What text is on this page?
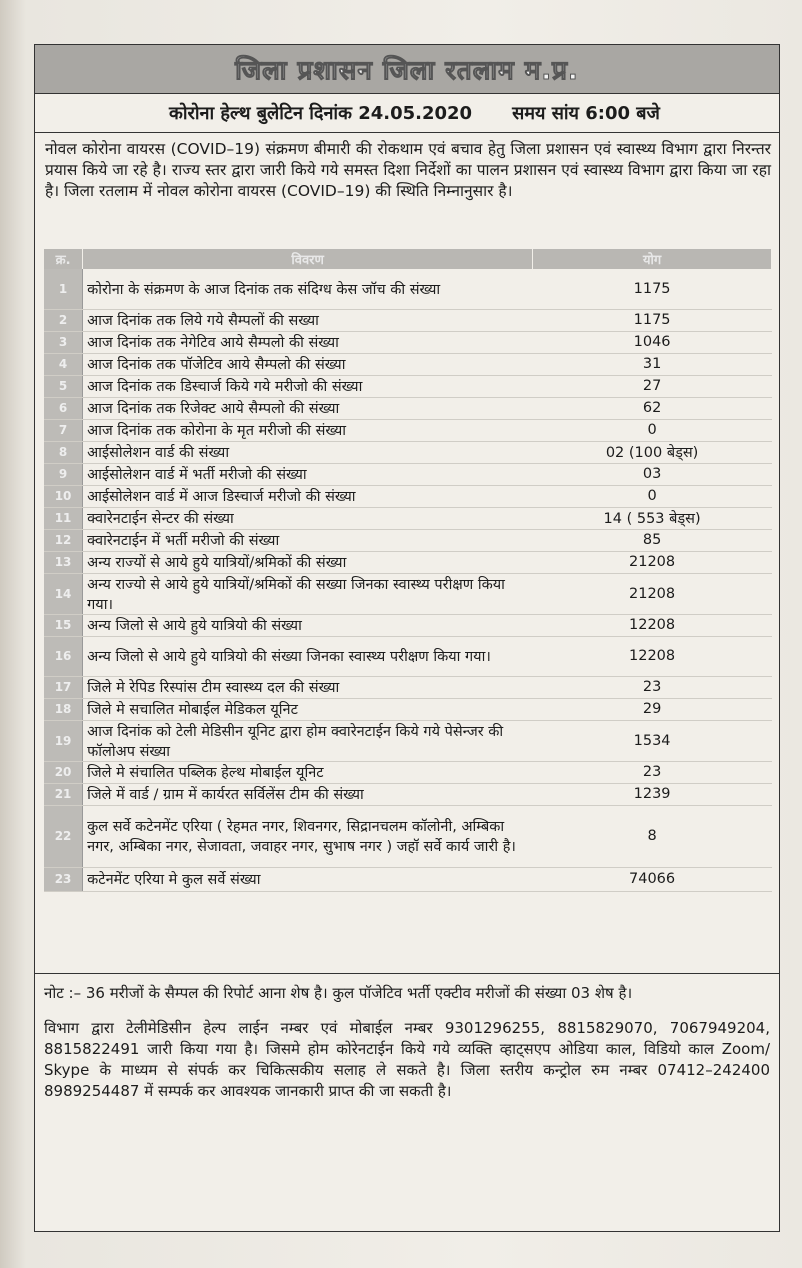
जिला प्रशासन जिला रतलाम म.प्र.
कोरोना हेल्थ बुलेटिन दिनांक 24.05.2020 समय सांय 6:00 बजे
नोवल कोरोना वायरस (COVID–19) संक्रमण बीमारी की रोकथाम एवं बचाव हेतु जिला प्रशासन एवं स्वास्थ्य विभाग द्वारा निरन्तर प्रयास किये जा रहे है। राज्य स्तर द्वारा जारी किये गये समस्त दिशा निर्देशों का पालन प्रशासन एवं स्वास्थ्य विभाग द्वारा किया जा रहा है। जिला रतलाम में नोवल कोरोना वायरस (COVID–19) की स्थिति निम्नानुसार है।
क्र.	विवरण	योग
1	कोरोना के संक्रमण के आज दिनांक तक संदिग्ध केस जॉच की संख्या	1175
2	आज दिनांक तक लिये गये सैम्पलों की सख्या	1175
3	आज दिनांक तक नेगेटिव आये सैम्पलो की संख्या	1046
4	आज दिनांक तक पॉजेटिव आये सैम्पलो की संख्या	31
5	आज दिनांक तक डिस्चार्ज किये गये मरीजो की संख्या	27
6	आज दिनांक तक रिजेक्ट आये सैम्पलो की संख्या	62
7	आज दिनांक तक कोरोना के मृत मरीजो की संख्या	0
8	आईसोलेशन वार्ड की संख्या	02 (100 बेड्स)
9	आईसोलेशन वार्ड में भर्ती मरीजो की संख्या	03
10	आईसोलेशन वार्ड में आज डिस्चार्ज मरीजो की संख्या	0
11	क्वारेनटाईन सेन्टर की संख्या	14 ( 553 बेड्स)
12	क्वारेनटाईन में भर्ती मरीजो की संख्या	85
13	अन्य राज्यों से आये हुये यात्रियों/श्रमिकों की संख्या	21208
14	अन्य राज्यो से आये हुये यात्रियों/श्रमिकों की सख्या जिनका स्वास्थ्य परीक्षण किया गया।	21208
15	अन्य जिलो से आये हुये यात्रियो की संख्या	12208
16	अन्य जिलो से आये हुये यात्रियो की संख्या जिनका स्वास्थ्य परीक्षण किया गया।	12208
17	जिले मे रेपिड रिस्पांस टीम स्वास्थ्य दल की संख्या	23
18	जिले मे सचालित मोबाईल मेडिकल यूनिट	29
19	आज दिनांक को टेली मेडिसीन यूनिट द्वारा होम क्वारेनटाईन किये गये पेसेन्जर की फॉलोअप संख्या	1534
20	जिले मे संचालित पब्लिक हेल्थ मोबाईल यूनिट	23
21	जिले में वार्ड / ग्राम में कार्यरत सर्विलेंस टीम की संख्या	1239
22	कुल सर्वे कटेनमेंट एरिया ( रेहमत नगर, शिवनगर, सिद्रानचलम कॉलोनी, अम्बिका नगर, अम्बिका नगर, सेजावता, जवाहर नगर, सुभाष नगर ) जहॉ सर्वे कार्य जारी है।	8
23	कटेनमेंट एरिया मे कुल सर्वे संख्या	74066

नोट :– 36 मरीजों के सैम्पल की रिपोर्ट आना शेष है। कुल पॉजेटिव भर्ती एक्टीव मरीजों की संख्या 03 शेष है।

विभाग द्वारा टेलीमेडिसीन हेल्प लाईन नम्बर एवं मोबाईल नम्बर 9301296255, 8815829070, 7067949204, 8815822491 जारी किया गया है। जिसमे होम कोरेनटाईन किये गये व्यक्ति व्हाट्सएप ओडिया काल, विडियो काल Zoom/ Skype के माध्यम से संपर्क कर चिकित्सकीय सलाह ले सकते है। जिला स्तरीय कन्ट्रोल रुम नम्बर 07412–242400 8989254487 में सम्पर्क कर आवश्यक जानकारी प्राप्त की जा सकती है।
